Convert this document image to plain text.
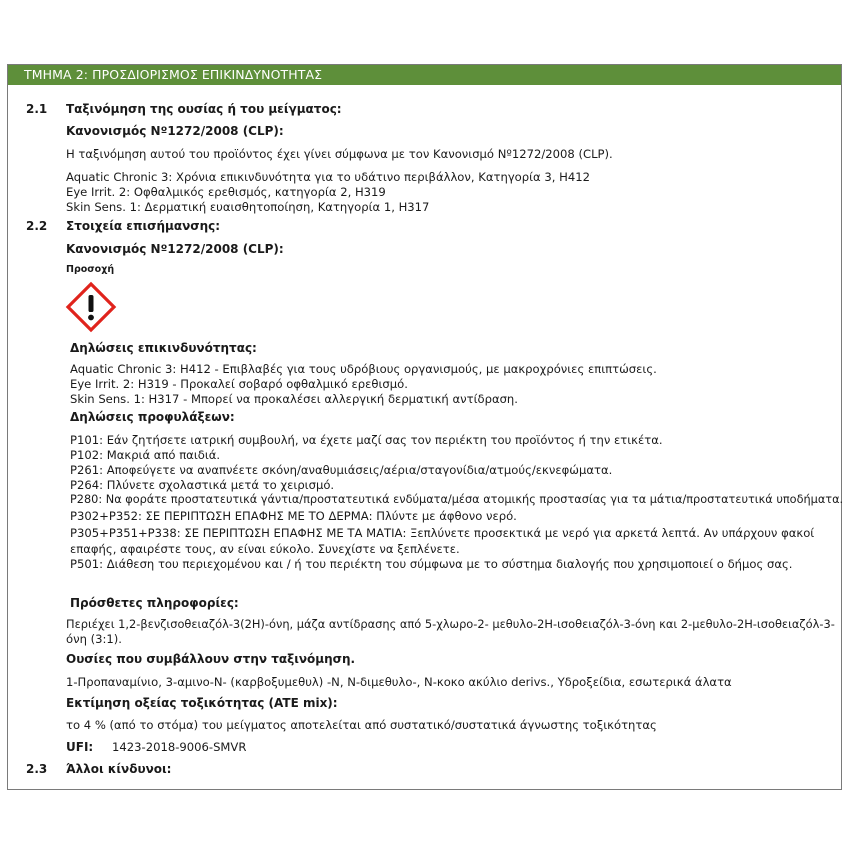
ΤΜΗΜΑ 2: ΠΡΟΣΔΙΟΡΙΣΜΟΣ ΕΠΙΚΙΝΔΥΝΟΤΗΤΑΣ
2.1 Ταξινόμηση της ουσίας ή του μείγματος:
Κανονισμός Nº1272/2008 (CLP):
Η ταξινόμηση αυτού του προϊόντος έχει γίνει σύμφωνα με τον Κανονισμό Nº1272/2008 (CLP).
Aquatic Chronic 3: Χρόνια επικινδυνότητα για το υδάτινο περιβάλλον, Κατηγορία 3, H412
Eye Irrit. 2: Οφθαλμικός ερεθισμός, κατηγορία 2, H319
Skin Sens. 1: Δερματική ευαισθητοποίηση, Κατηγορία 1, H317
2.2 Στοιχεία επισήμανσης:
Κανονισμός Nº1272/2008 (CLP):
Προσοχή
Δηλώσεις επικινδυνότητας:
Aquatic Chronic 3: H412 - Επιβλαβές για τους υδρόβιους οργανισμούς, με μακροχρόνιες επιπτώσεις.
Eye Irrit. 2: H319 - Προκαλεί σοβαρό οφθαλμικό ερεθισμό.
Skin Sens. 1: H317 - Μπορεί να προκαλέσει αλλεργική δερματική αντίδραση.
Δηλώσεις προφυλάξεων:
P101: Εάν ζητήσετε ιατρική συμβουλή, να έχετε μαζί σας τον περιέκτη του προϊόντος ή την ετικέτα.
P102: Μακριά από παιδιά.
P261: Αποφεύγετε να αναπνέετε σκόνη/αναθυμιάσεις/αέρια/σταγονίδια/ατμούς/εκνεφώματα.
P264: Πλύνετε σχολαστικά μετά το χειρισμό.
P280: Να φοράτε προστατευτικά γάντια/προστατευτικά ενδύματα/μέσα ατομικής προστασίας για τα μάτια/προστατευτικά υποδήματα.
P302+P352: ΣΕ ΠΕΡΙΠΤΩΣΗ ΕΠΑΦΗΣ ΜΕ ΤΟ ΔΕΡΜΑ: Πλύντε με άφθονο νερό.
P305+P351+P338: ΣΕ ΠΕΡΙΠΤΩΣΗ ΕΠΑΦΗΣ ΜΕ ΤΑ ΜΑΤΙΑ: Ξεπλύνετε προσεκτικά με νερό για αρκετά λεπτά. Αν υπάρχουν φακοί
επαφής, αφαιρέστε τους, αν είναι εύκολο. Συνεχίστε να ξεπλένετε.
P501: Διάθεση του περιεχομένου και / ή του περιέκτη του σύμφωνα με το σύστημα διαλογής που χρησιμοποιεί ο δήμος σας.
Πρόσθετες πληροφορίες:
Περιέχει 1,2-βενζισοθειαζόλ-3(2H)-όνη, μάζα αντίδρασης από 5-χλωρο-2- μεθυλο-2H-ισοθειαζόλ-3-όνη και 2-μεθυλο-2H-ισοθειαζόλ-3-
όνη (3:1).
Ουσίες που συμβάλλουν στην ταξινόμηση.
1-Προπαναμίνιο, 3-αμινο-N- (καρβοξυμεθυλ) -N, N-διμεθυλο-, N-κοκο ακύλιο derivs., Υδροξείδια, εσωτερικά άλατα
Εκτίμηση οξείας τοξικότητας (ATE mix):
το 4 % (από το στόμα) του μείγματος αποτελείται από συστατικό/συστατικά άγνωστης τοξικότητας
UFI: 1423-2018-9006-SMVR
2.3 Άλλοι κίνδυνοι:
